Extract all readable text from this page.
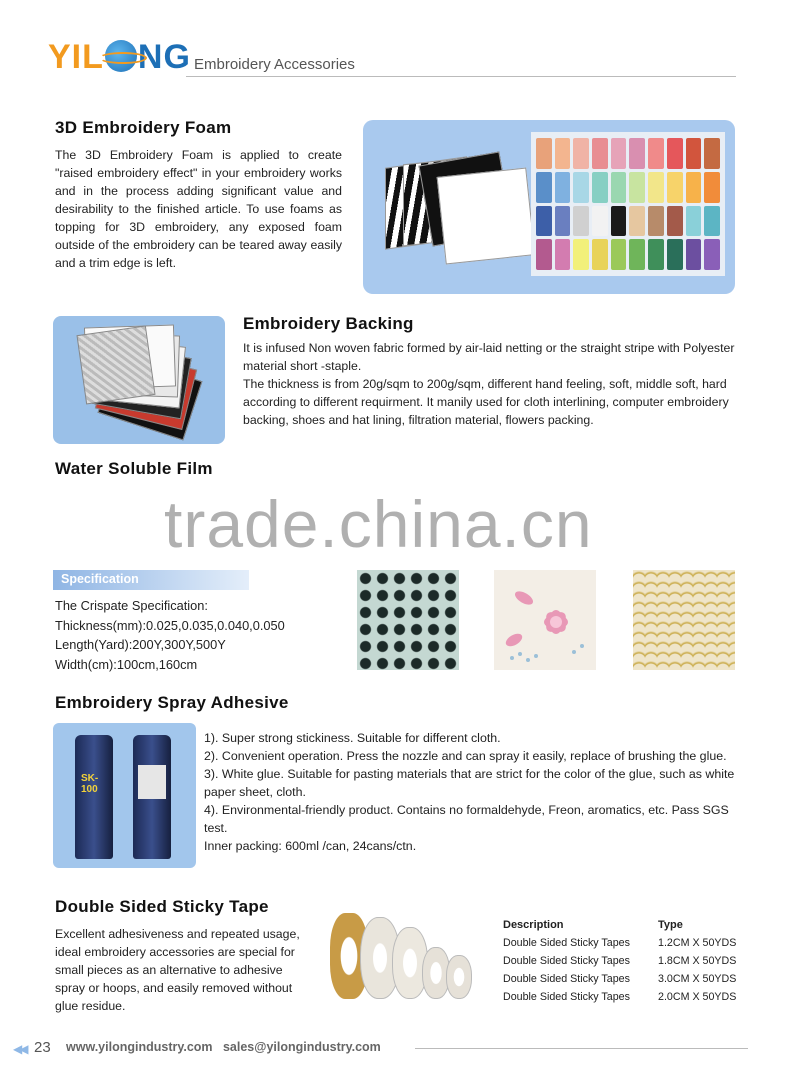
YIL NG Embroidery Accessories
3D Embroidery Foam
The 3D Embroidery Foam is applied to create "raised embroidery effect" in your embroidery works and in the process adding significant value and desirability to the finished article. To use foams as topping for 3D embroidery, any exposed foam outside of the embroidery can be teared away easily and a trim edge is left.
Embroidery Backing
It is infused Non woven fabric formed by air-laid netting or the straight stripe with Polyester material short -staple.
The thickness is from 20g/sqm to 200g/sqm, different hand feeling, soft, middle soft, hard according to different requirment. It manily used for cloth interlining, computer embroidery backing, shoes and hat lining, filtration material, flowers packing.
Water Soluble Film
trade.china.cn
Specification
The Crispate Specification:
Thickness(mm):0.025,0.035,0.040,0.050
Length(Yard):200Y,300Y,500Y
Width(cm):100cm,160cm
Embroidery Spray Adhesive
SK-100
1). Super strong stickiness. Suitable for different cloth.
2). Convenient operation. Press the nozzle and can spray it easily, replace of brushing the glue.
3). White glue. Suitable for pasting materials that are strict for the color of the glue, such as white paper sheet, cloth.
4). Environmental-friendly product. Contains no formaldehyde, Freon, aromatics, etc. Pass SGS test.
Inner packing: 600ml /can, 24cans/ctn.
Double Sided Sticky Tape
Excellent adhesiveness and repeated usage, ideal embroidery accessories are special for small pieces as an alternative to adhesive spray or hoops, and easily removed without glue residue.
Description	Type
Double Sided Sticky Tapes	1.2CM X 50YDS
Double Sided Sticky Tapes	1.8CM X 50YDS
Double Sided Sticky Tapes	3.0CM X 50YDS
Double Sided Sticky Tapes	2.0CM X 50YDS
◀◀ 23 www.yilongindustry.com sales@yilongindustry.com
